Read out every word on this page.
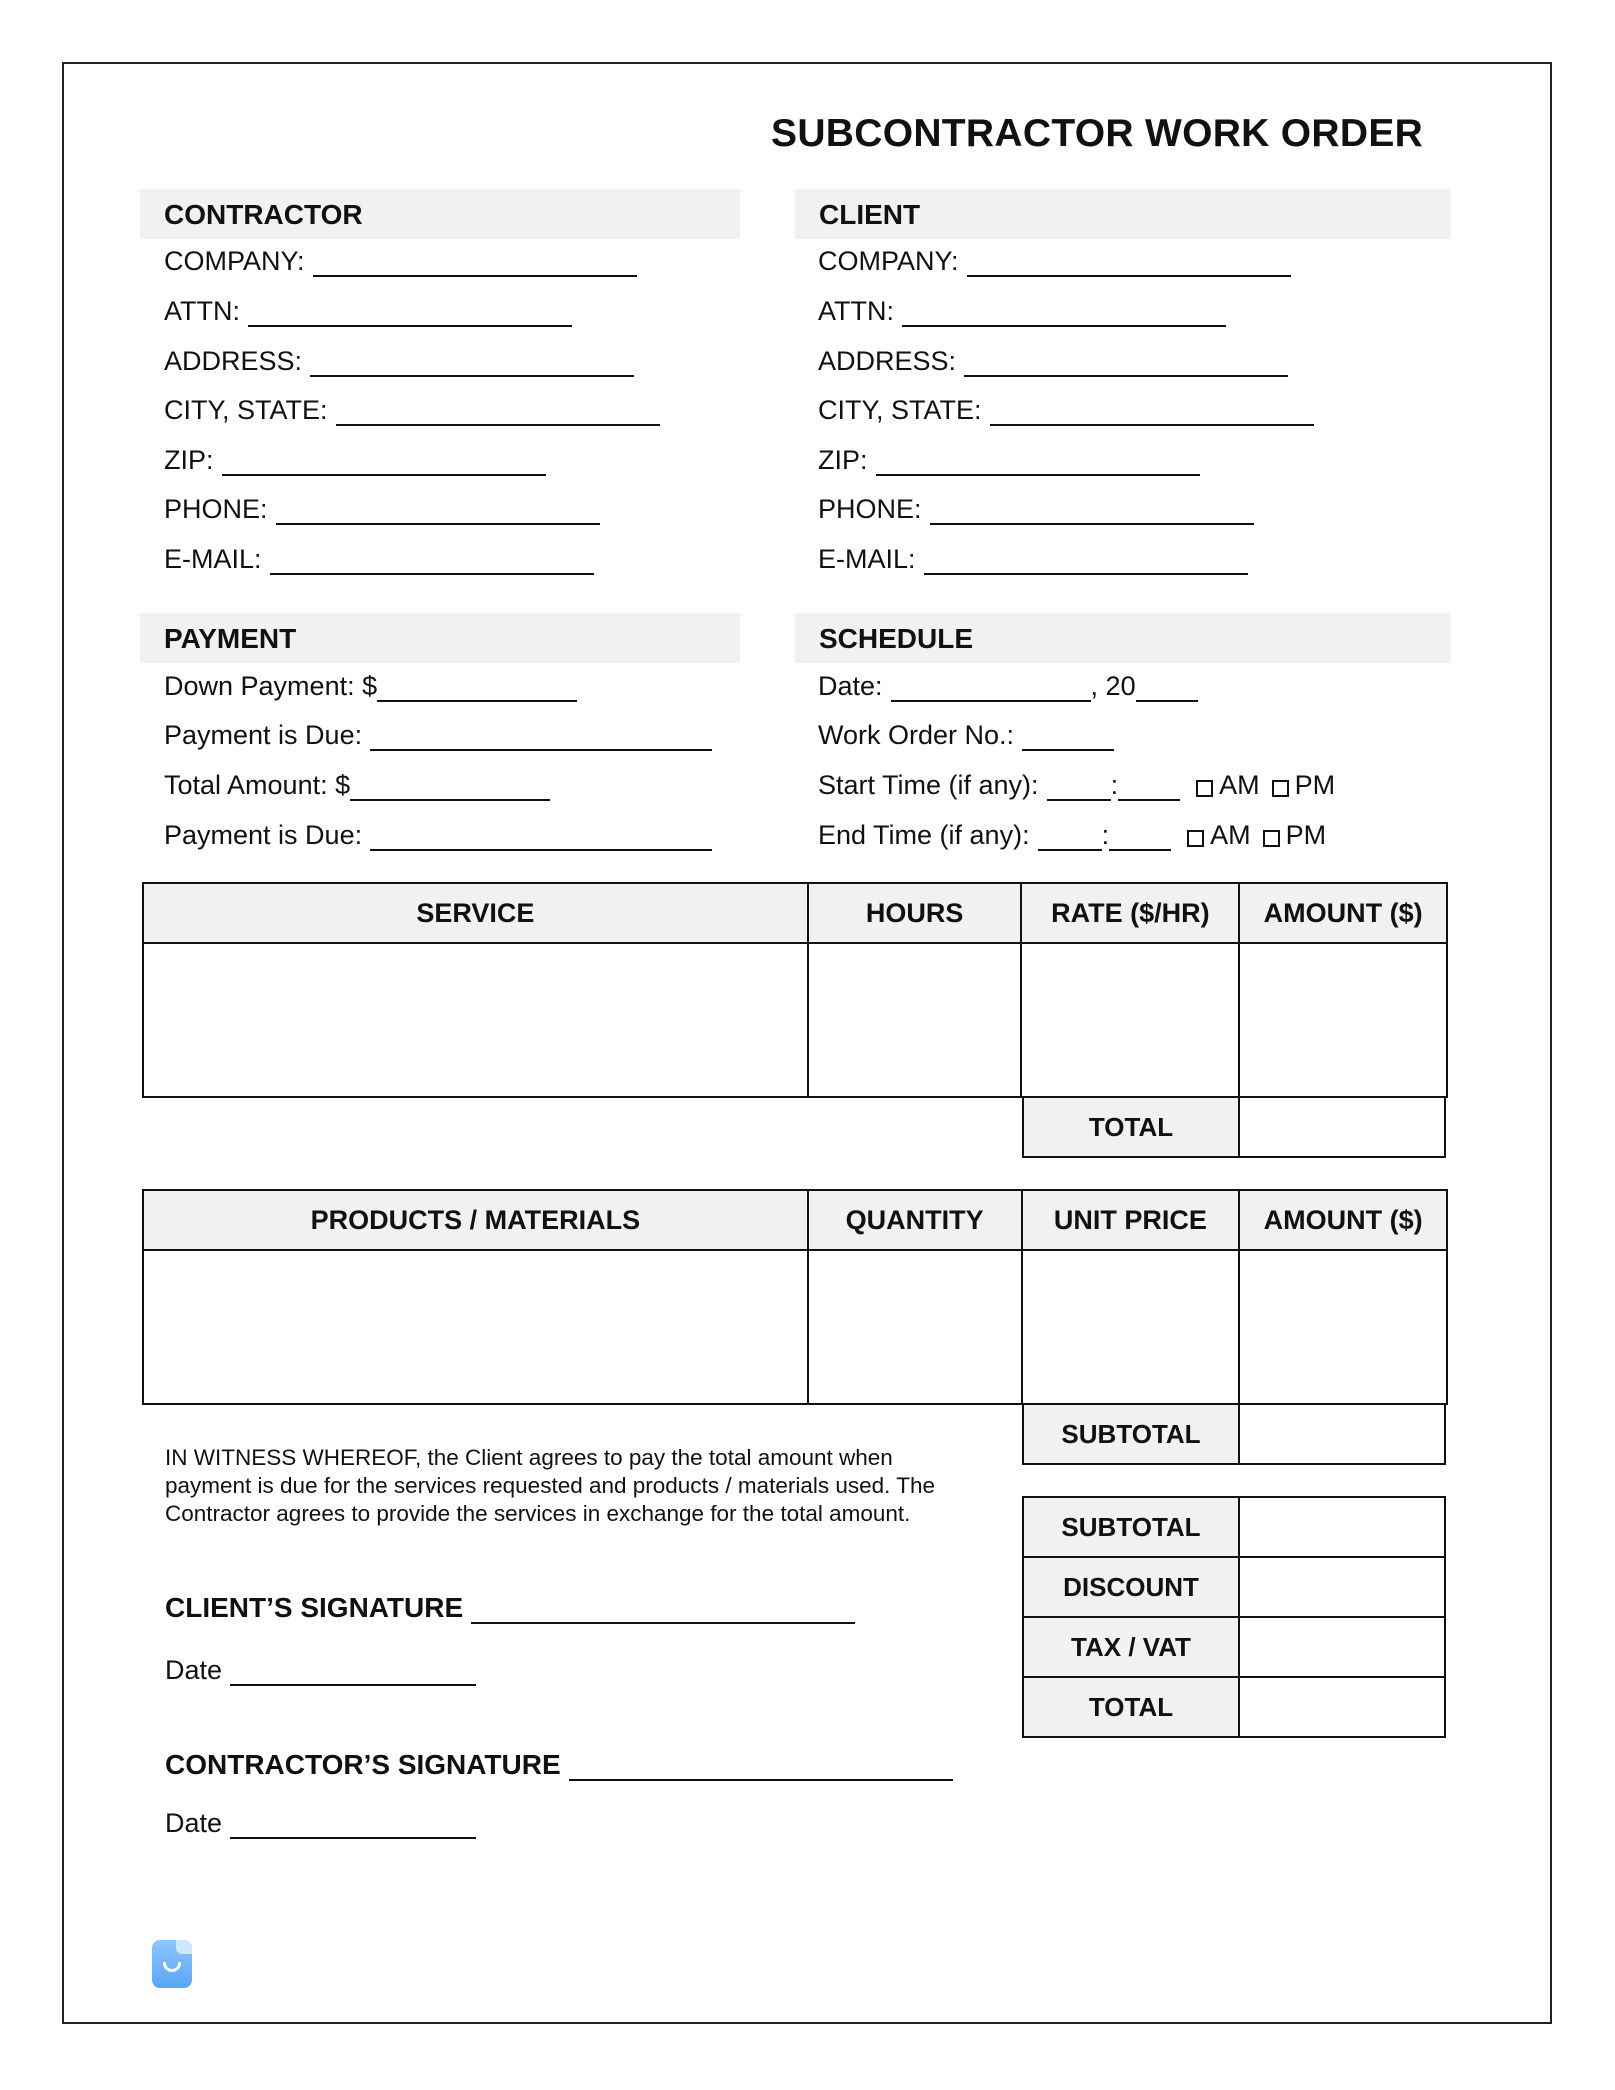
SUBCONTRACTOR WORK ORDER
CONTRACTOR
COMPANY:
ATTN:
ADDRESS:
CITY, STATE:
ZIP:
PHONE:
E-MAIL:
CLIENT
COMPANY:
ATTN:
ADDRESS:
CITY, STATE:
ZIP:
PHONE:
E-MAIL:
PAYMENT
Down Payment: $
Payment is Due:
Total Amount: $
Payment is Due:
SCHEDULE
Date:	, 20
Work Order No.:
Start Time (if any):	:	AM PM
End Time (if any):	:	AM PM
SERVICE	HOURS	RATE ($/HR)	AMOUNT ($)

TOTAL	
PRODUCTS / MATERIALS	QUANTITY	UNIT PRICE	AMOUNT ($)

SUBTOTAL	
SUBTOTAL	
DISCOUNT	
TAX / VAT	
TOTAL	
IN WITNESS WHEREOF, the Client agrees to pay the total amount when payment is due for the services requested and products / materials used. The Contractor agrees to provide the services in exchange for the total amount.
CLIENT’S SIGNATURE
Date
CONTRACTOR’S SIGNATURE
Date
